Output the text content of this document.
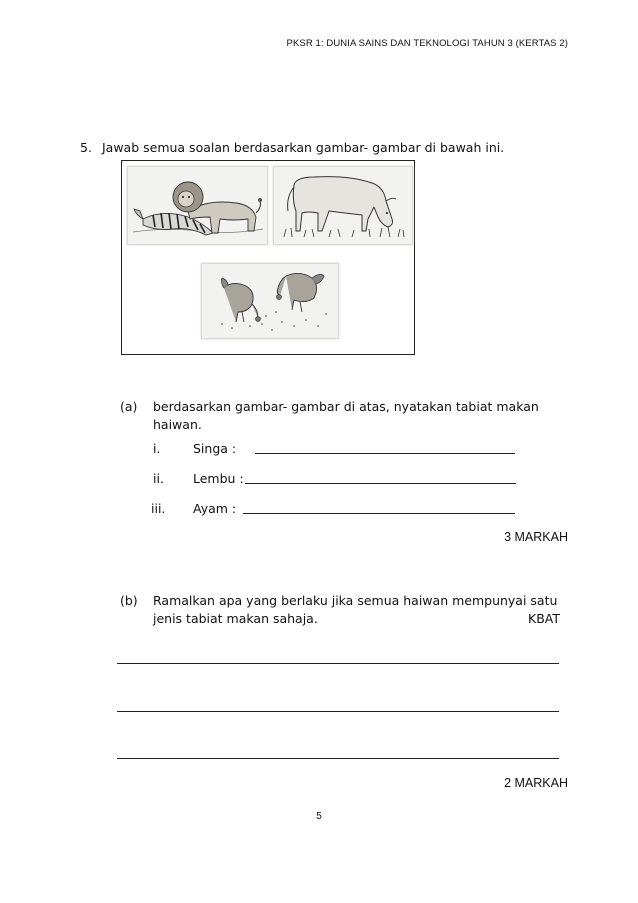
PKSR 1: DUNIA SAINS DAN TEKNOLOGI TAHUN 3 (KERTAS 2)
5. Jawab semua soalan berdasarkan gambar- gambar di bawah ini.
(a) berdasarkan gambar- gambar di atas, nyatakan tabiat makan
haiwan.
i.	Singa :
ii. Lembu :
iii. Ayam :
3 MARKAH
(b) Ramalkan apa yang berlaku jika semua haiwan mempunyai satu
jenis tabiat makan sahaja.	KBAT
2 MARKAH
5
